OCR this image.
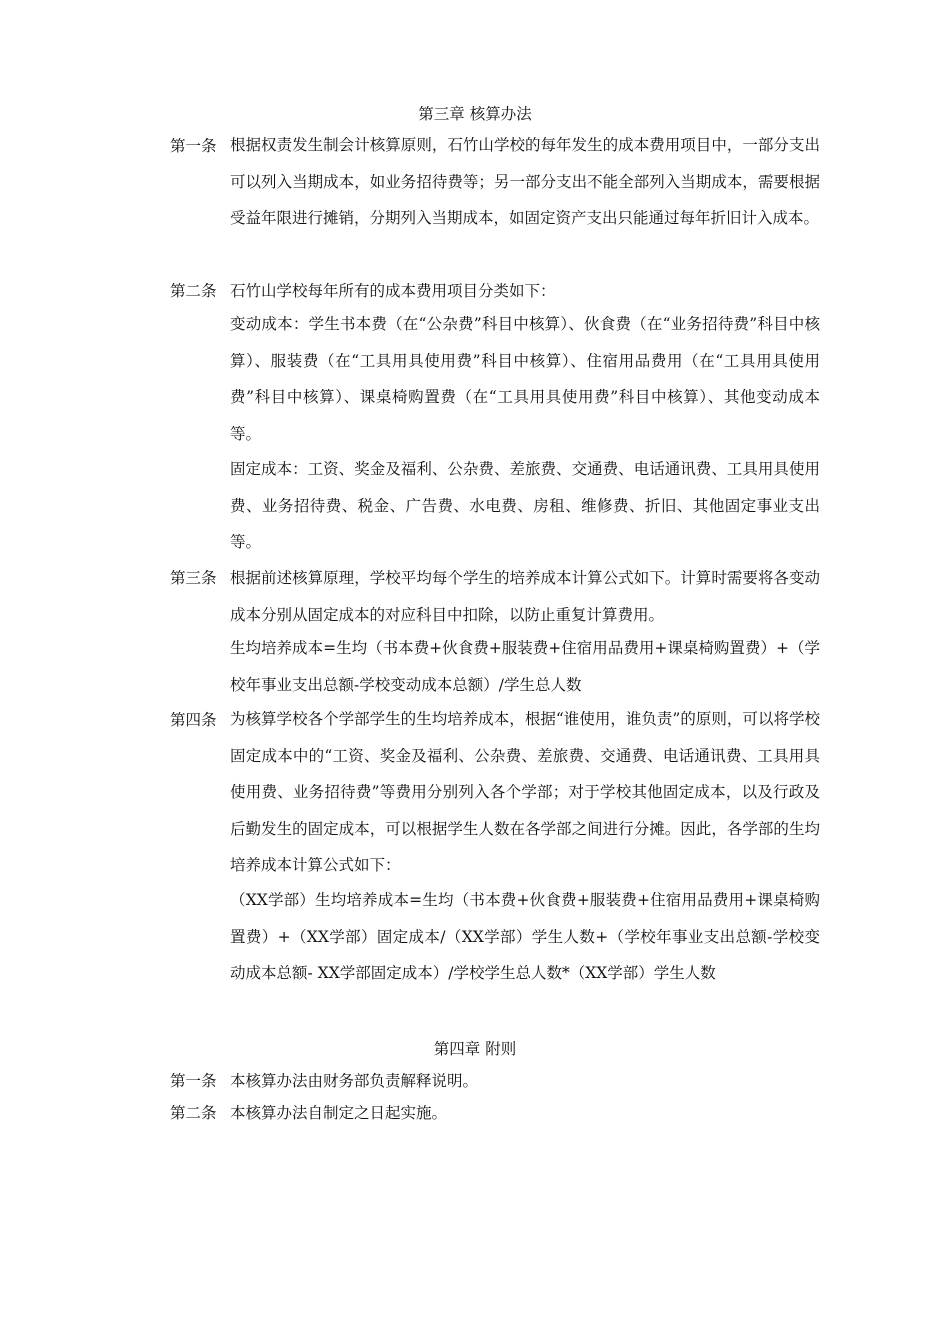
第三章 核算办法
第一条 根据权责发生制会计核算原则，石竹山学校的每年发生的成本费用项目中，一部分支出可以列入当期成本，如业务招待费等；另一部分支出不能全部列入当期成本，需要根据受益年限进行摊销，分期列入当期成本，如固定资产支出只能通过每年折旧计入成本。
第二条 石竹山学校每年所有的成本费用项目分类如下：
变动成本：学生书本费（在“公杂费”科目中核算）、伙食费（在“业务招待费”科目中核算）、服装费（在“工具用具使用费”科目中核算）、住宿用品费用（在“工具用具使用费”科目中核算）、课桌椅购置费（在“工具用具使用费”科目中核算）、其他变动成本等。
固定成本：工资、奖金及福利、公杂费、差旅费、交通费、电话通讯费、工具用具使用费、业务招待费、税金、广告费、水电费、房租、维修费、折旧、其他固定事业支出等。
第三条 根据前述核算原理，学校平均每个学生的培养成本计算公式如下。计算时需要将各变动成本分别从固定成本的对应科目中扣除，以防止重复计算费用。
生均培养成本=生均（书本费+伙食费+服装费+住宿用品费用+课桌椅购置费）+（学校年事业支出总额-学校变动成本总额）/学生总人数
第四条 为核算学校各个学部学生的生均培养成本，根据“谁使用，谁负责”的原则，可以将学校固定成本中的“工资、奖金及福利、公杂费、差旅费、交通费、电话通讯费、工具用具使用费、业务招待费”等费用分别列入各个学部；对于学校其他固定成本，以及行政及后勤发生的固定成本，可以根据学生人数在各学部之间进行分摊。因此，各学部的生均培养成本计算公式如下：
（XX学部）生均培养成本=生均（书本费+伙食费+服装费+住宿用品费用+课桌椅购置费）+（XX学部）固定成本/（XX学部）学生人数+（学校年事业支出总额-学校变动成本总额- XX学部固定成本）/学校学生总人数*（XX学部）学生人数
第四章 附则
第一条 本核算办法由财务部负责解释说明。
第二条 本核算办法自制定之日起实施。
